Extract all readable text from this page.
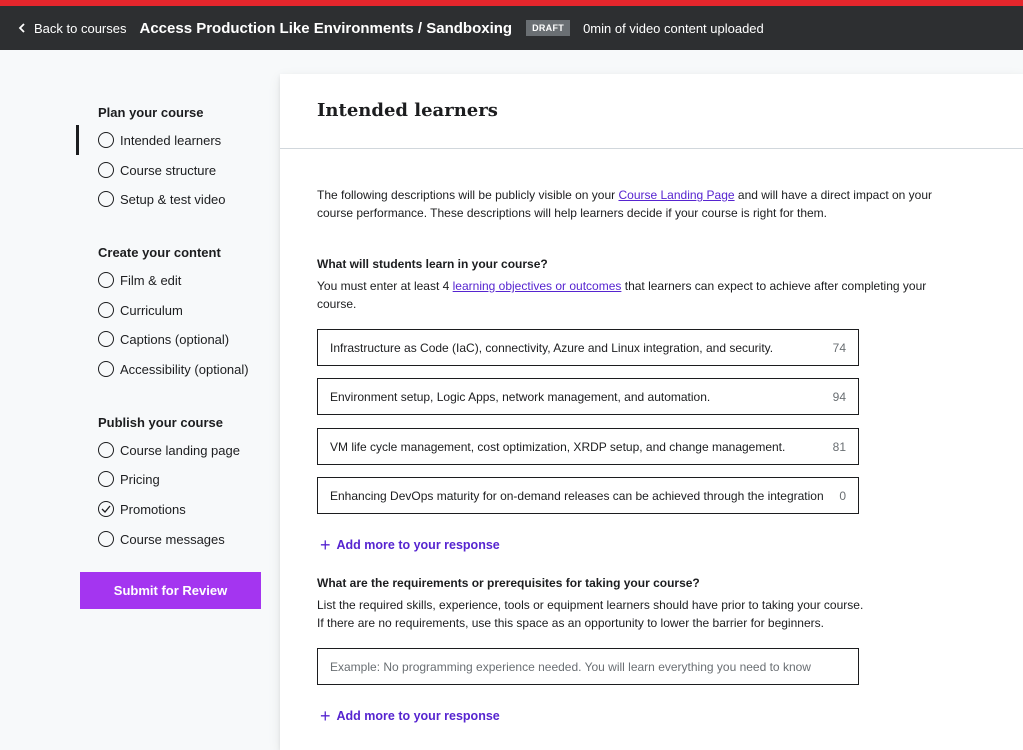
Back to courses Access Production Like Environments / Sandboxing	DRAFT	0min of video content uploaded
Plan your course
Intended learners
Course structure
Setup & test video
Create your content
Film & edit
Curriculum
Captions (optional)
Accessibility (optional)
Publish your course
Course landing page
Pricing
Promotions
Course messages
Submit for Review
Intended learners
The following descriptions will be publicly visible on your Course Landing Page and will have a direct impact on your course performance. These descriptions will help learners decide if your course is right for them.
What will students learn in your course?
You must enter at least 4 learning objectives or outcomes that learners can expect to achieve after completing your course.
Infrastructure as Code (IaC), connectivity, Azure and Linux integration, and security.	74
Environment setup, Logic Apps, network management, and automation.	94
VM life cycle management, cost optimization, XRDP setup, and change management.	81
Enhancing DevOps maturity for on-demand releases can be achieved through the integration	0
+ Add more to your response
What are the requirements or prerequisites for taking your course?
List the required skills, experience, tools or equipment learners should have prior to taking your course.
If there are no requirements, use this space as an opportunity to lower the barrier for beginners.
Example: No programming experience needed. You will learn everything you need to know
+ Add more to your response
